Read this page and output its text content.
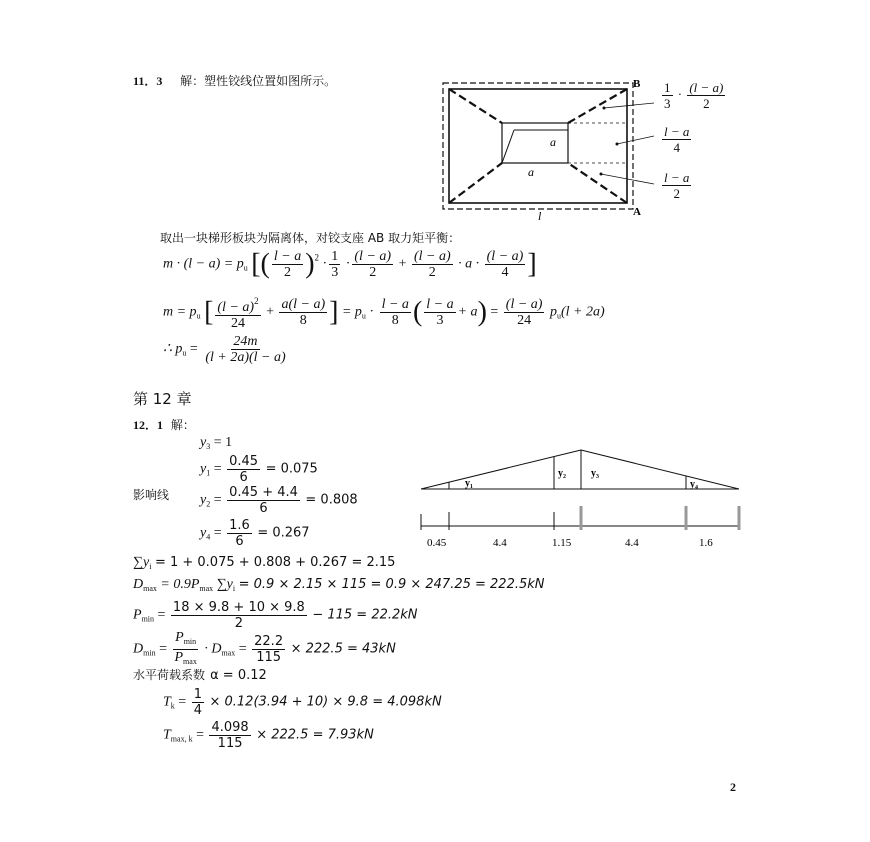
11．3 解：塑性铰线位置如图所示。	B
A
a
a
l
$\frac{1}{3} \cdot \frac{(l - a)}{2}$
$\frac{l - a}{4}$
$\frac{l - a}{2}$
取出一块梯形板块为隔离体，对铰支座 AB 取力矩平衡：
$m \cdot (l - a) = p_u$ [( $\frac{l - a}{2} )^2 \cdot \frac{1}{3} \cdot \frac{(l - a)}{2} + \frac{(l - a)}{2} \cdot a \cdot \frac{(l - a)}{4}$ ]
$m = p_u$ [ $\frac{(l - a)^2}{24} + \frac{a(l - a)}{8}$ ] = $p_u \cdot \frac{l - a}{8}$ ( $\frac{l - a}{3} + a) = \frac{(l - a)}{24} p_u(l + 2a)$
∴ $p_u = \frac{24m}{(l + 2a)(l - a)}$
第 12 章
12．1 解：
$y_3 = 1$
$y_1 = \frac{0.45}{6} = 0.075$
影响线 $y_2 = \frac{0.45 + 4.4}{6} = 0.808$
$y_4 = \frac{1.6}{6} = 0.267$
y₁
y₂	y₃
y₄
0.45	4.4	1.15	4.4	1.6
$\sum y_i = 1 + 0.075 + 0.808 + 0.267 = 2.15$
$D_{max} = 0.9P_{max}$ $\sum y_i = 0.9 \times 2.15 \times 115 = 0.9 \times 247.25 = 222.5kN$
$P_{min} = \frac{18 \times 9.8 + 10 \times 9.8}{2} - 115 = 22.2kN$
$D_{min} = \frac{P_{min}}{P_{max}} \cdot D_{max} = \frac{22.2}{115} \times 222.5 = 43kN$
水平荷载系数 α = 0.12
$T_k = \frac{1}{4} \times 0.12(3.94 + 10) \times 9.8 = 4.098kN$
$T_{max, k} = \frac{4.098}{115} \times 222.5 = 7.93kN$
2
